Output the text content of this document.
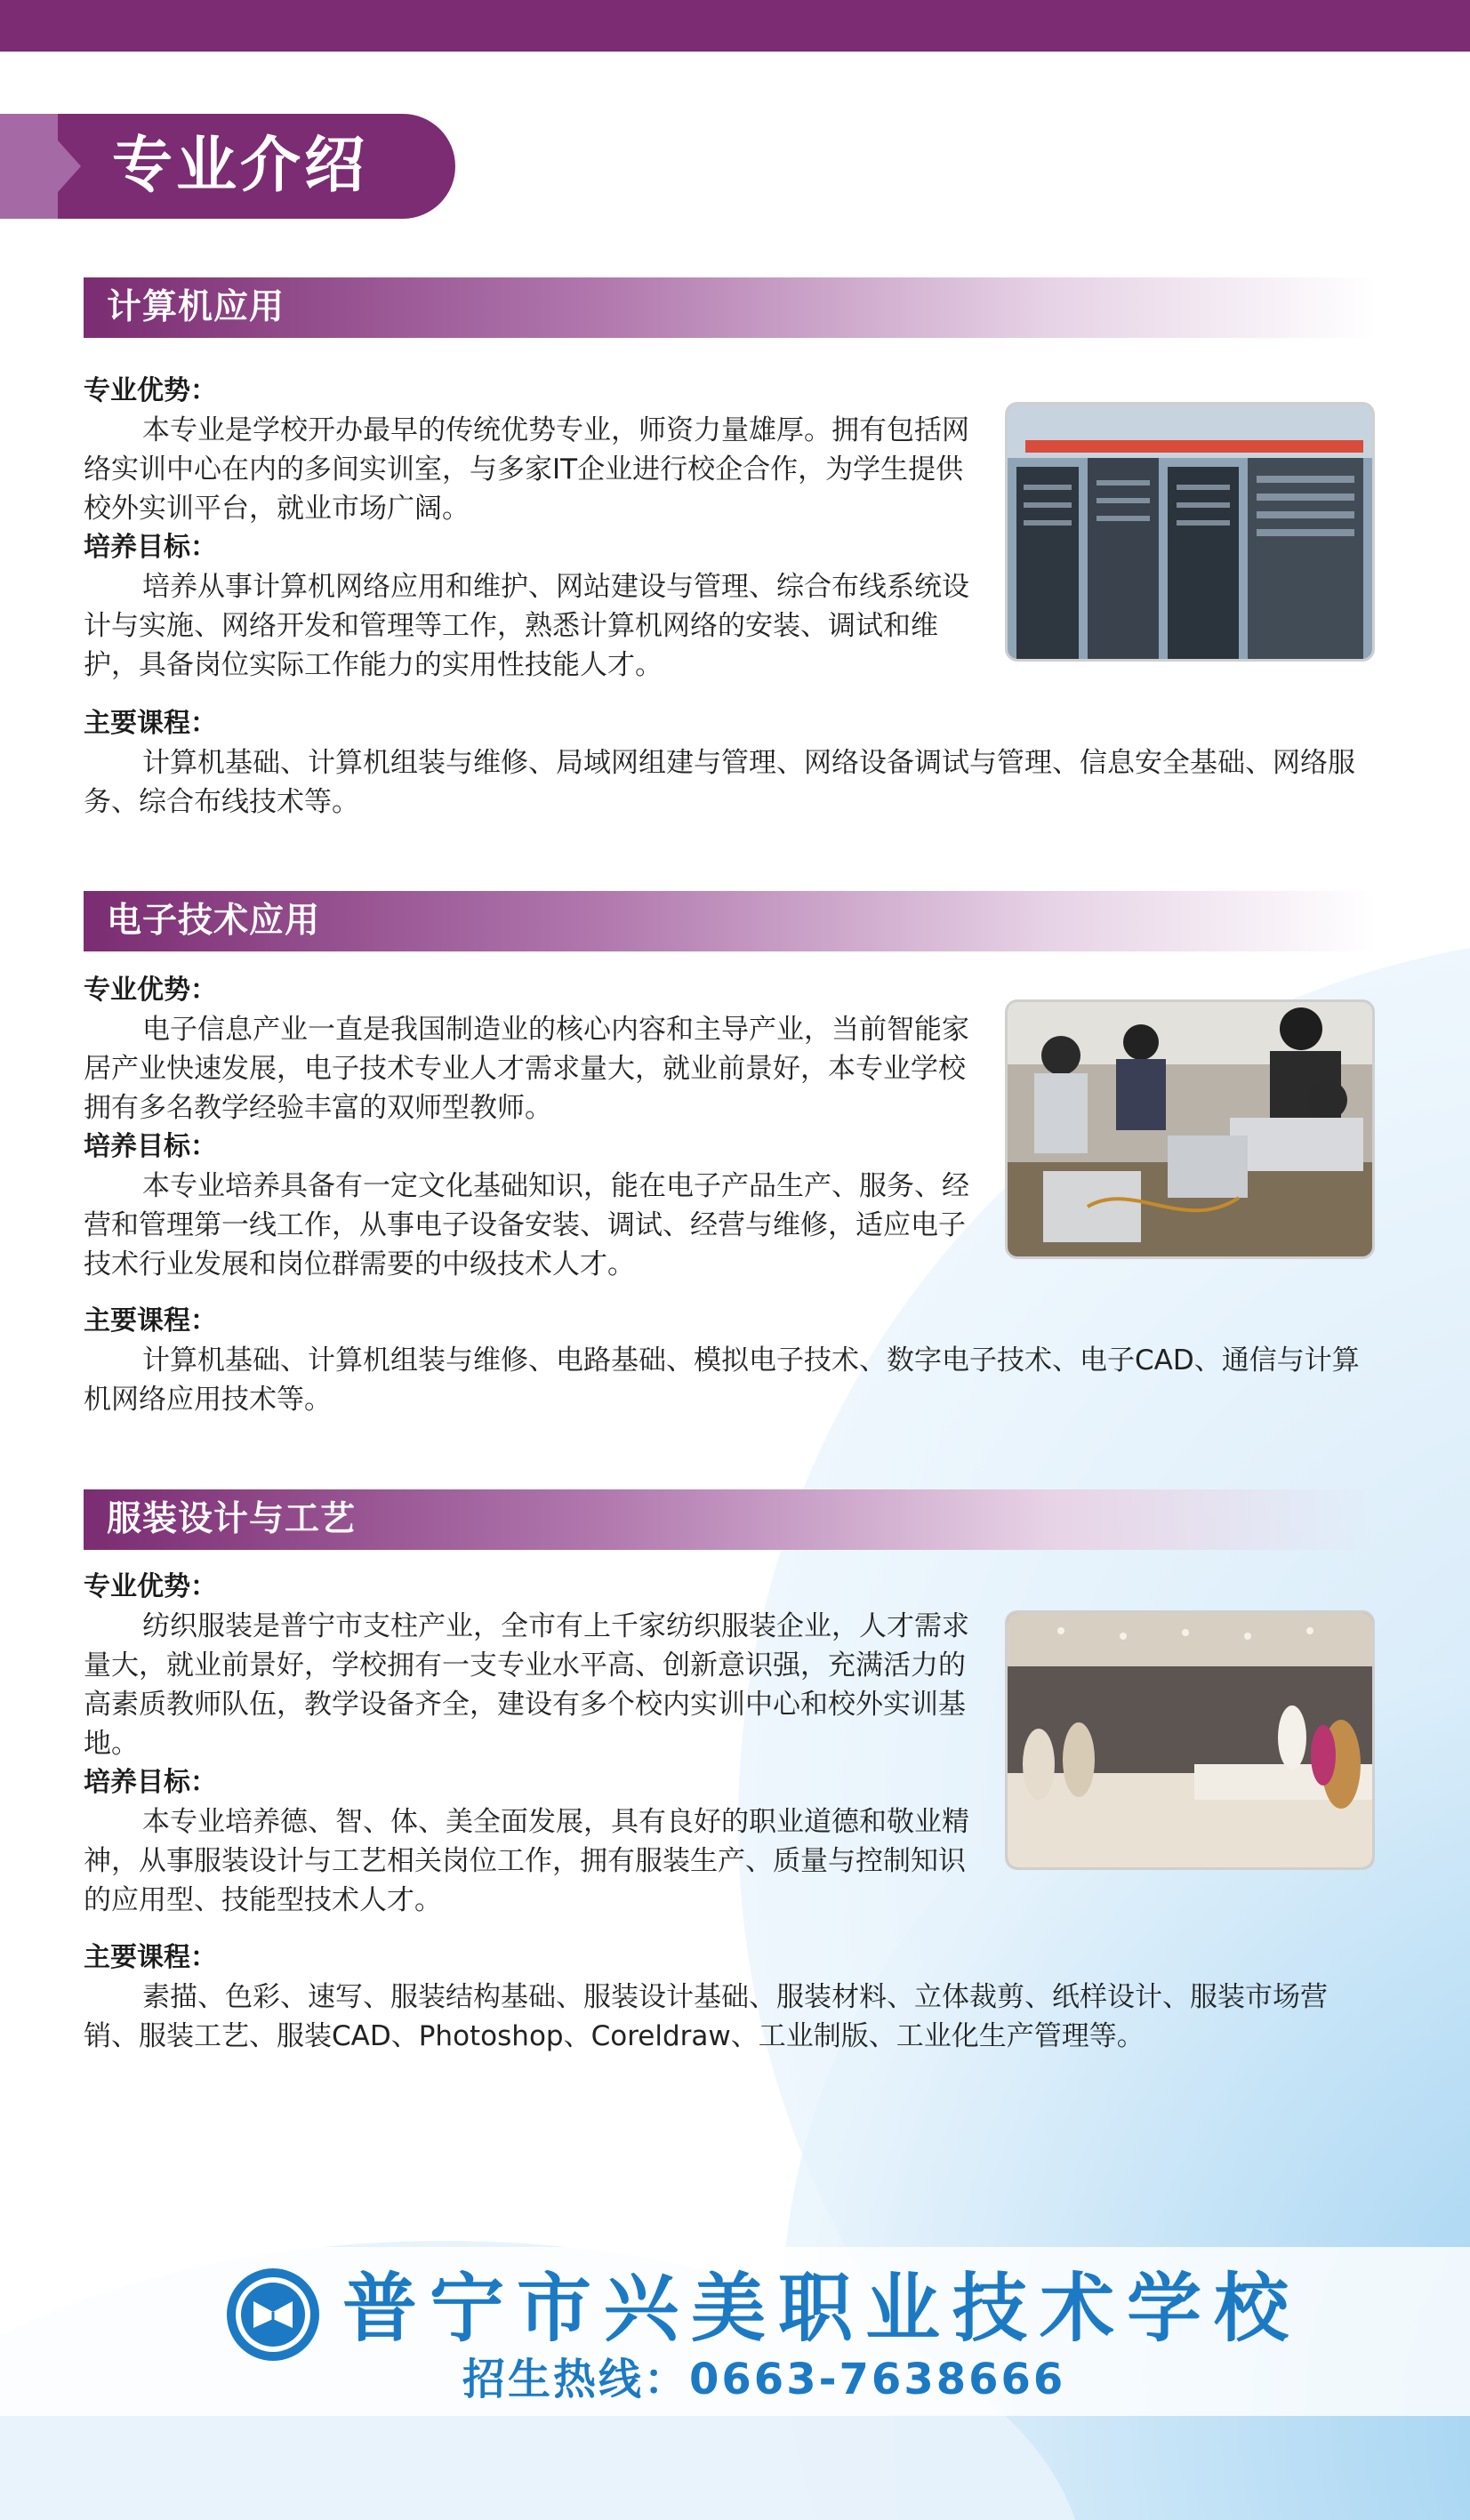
专业介绍
计算机应用
专业优势：

本专业是学校开办最早的传统优势专业，师资力量雄厚。拥有包括网络实训中心在内的多间实训室，与多家IT企业进行校企合作，为学生提供校外实训平台，就业市场广阔。

培养目标：

培养从事计算机网络应用和维护、网站建设与管理、综合布线系统设计与实施、网络开发和管理等工作，熟悉计算机网络的安装、调试和维护，具备岗位实际工作能力的实用性技能人才。

主要课程：

计算机基础、计算机组装与维修、局域网组建与管理、网络设备调试与管理、信息安全基础、网络服务、综合布线技术等。

电子技术应用
专业优势：

电子信息产业一直是我国制造业的核心内容和主导产业，当前智能家居产业快速发展，电子技术专业人才需求量大，就业前景好，本专业学校拥有多名教学经验丰富的双师型教师。

培养目标：

本专业培养具备有一定文化基础知识，能在电子产品生产、服务、经营和管理第一线工作，从事电子设备安装、调试、经营与维修，适应电子技术行业发展和岗位群需要的中级技术人才。

主要课程：

计算机基础、计算机组装与维修、电路基础、模拟电子技术、数字电子技术、电子CAD、通信与计算机网络应用技术等。

服装设计与工艺
专业优势：

纺织服装是普宁市支柱产业，全市有上千家纺织服装企业，人才需求量大，就业前景好，学校拥有一支专业水平高、创新意识强，充满活力的高素质教师队伍，教学设备齐全，建设有多个校内实训中心和校外实训基地。

培养目标：

本专业培养德、智、体、美全面发展，具有良好的职业道德和敬业精神，从事服装设计与工艺相关岗位工作，拥有服装生产、质量与控制知识的应用型、技能型技术人才。

主要课程：

素描、色彩、速写、服装结构基础、服装设计基础、服装材料、立体裁剪、纸样设计、服装市场营销、服装工艺、服装CAD、Photoshop、Coreldraw、工业制版、工业化生产管理等。

普宁市兴美职业技术学校
招生热线：0663-7638666
